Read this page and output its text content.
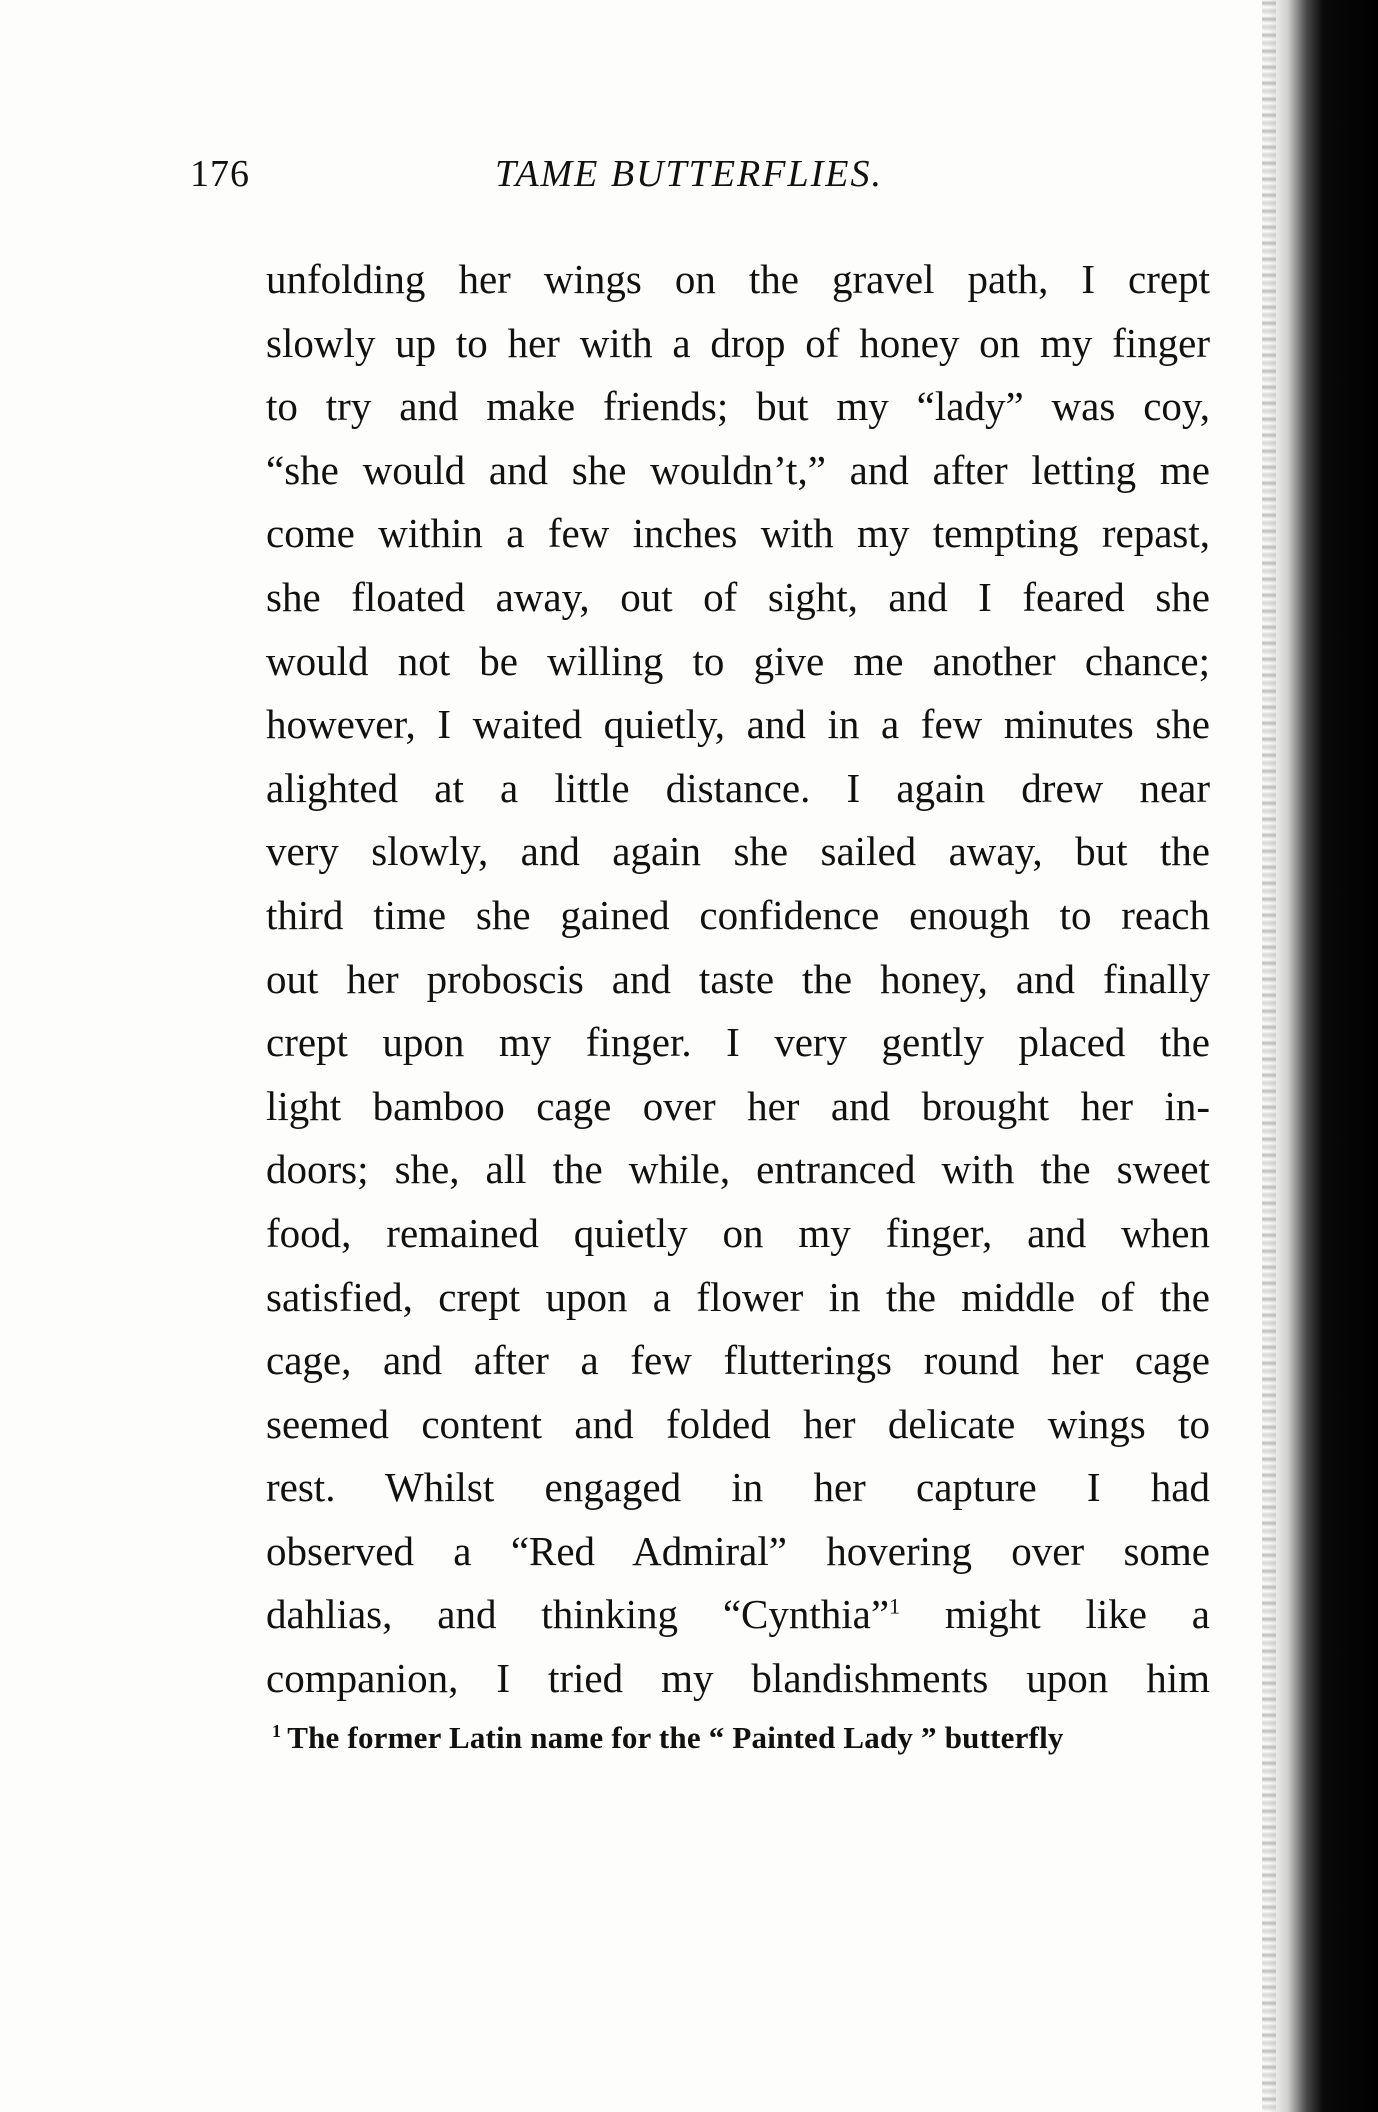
176	TAME BUTTERFLIES.
unfolding her wings on the gravel path, I crept
slowly up to her with a drop of honey on my finger
to try and make friends; but my “lady” was coy,
“she would and she wouldn’t,” and after letting me
come within a few inches with my tempting repast,
she floated away, out of sight, and I feared she
would not be willing to give me another chance;
however, I waited quietly, and in a few minutes she
alighted at a little distance. I again drew near
very slowly, and again she sailed away, but the
third time she gained confidence enough to reach
out her proboscis and taste the honey, and finally
crept upon my finger. I very gently placed the
light bamboo cage over her and brought her in-
doors; she, all the while, entranced with the sweet
food, remained quietly on my finger, and when
satisfied, crept upon a flower in the middle of the
cage, and after a few flutterings round her cage
seemed content and folded her delicate wings to
rest. Whilst engaged in her capture I had
observed a “Red Admiral” hovering over some
dahlias, and thinking “Cynthia”$^1$ might like a
companion, I tried my blandishments upon him
$^1$ The former Latin name for the “ Painted Lady ” butterfly
